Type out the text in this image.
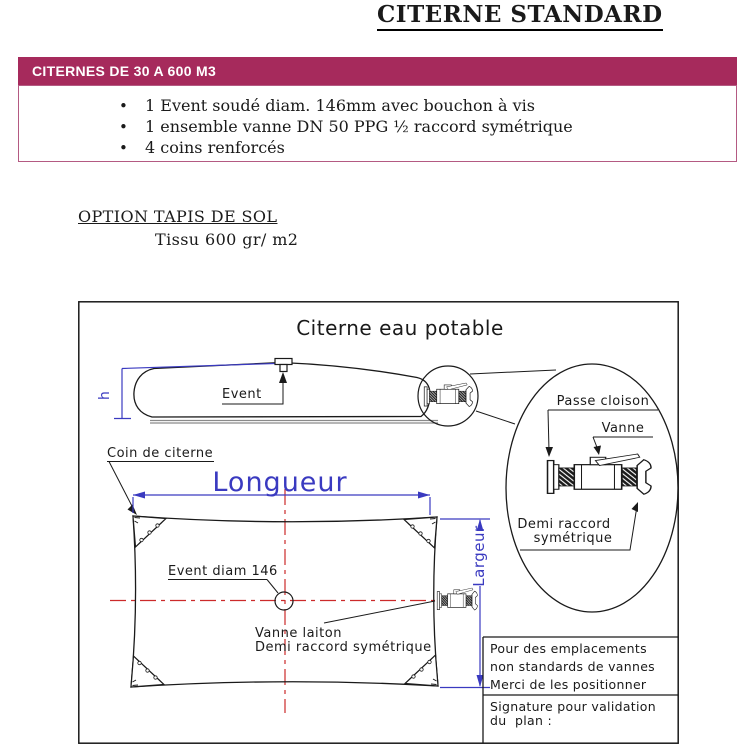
CITERNE STANDARD
CITERNES DE 30 A 600 M3
• 1 Event soudé diam. 146mm avec bouchon à vis
• 1 ensemble vanne DN 50 PPG ½ raccord symétrique
• 4 coins renforcés
OPTION TAPIS DE SOL
Tissu 600 gr/ m2
Citerne eau potable
h	Event	Passe cloison
Vanne
Demi raccord
symétrique
Event diam 146
Vanne laiton
Demi raccord symétrique
Coin de citerne
Longueur
Largeur
Pour des emplacements
non standards de vannes
Merci de les positionner
Signature pour validation
du  plan :
